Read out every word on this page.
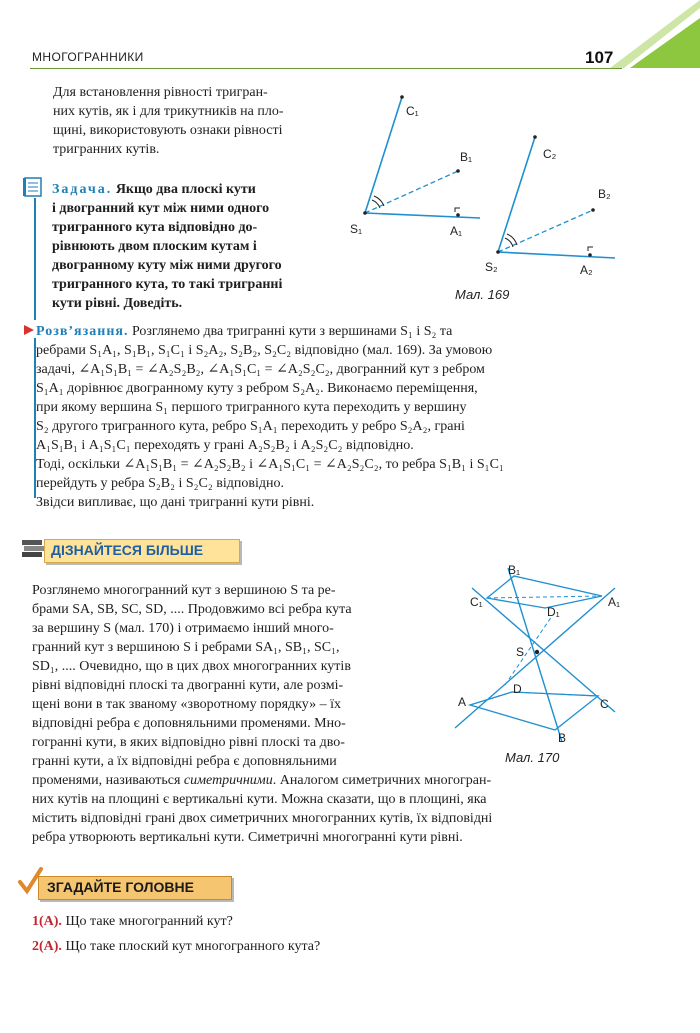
МНОГОГРАННИКИ	107
Для встановлення рівності тригран-
них кутів, як і для трикутників на пло-
щині, використовують ознаки рівності
тригранних кутів.
Задача. Якщо два плоскі кути
і двогранний кут між ними одного
тригранного кута відповідно до-
рівнюють двом плоским кутам і
двогранному куту між ними другого
тригранного кута, то такі тригранні
кути рівні. Доведіть.
C₁
B₁
S₁	A₁
C₂
B₂
S₂	A₂
Мал. 169
Розв’язання. Розглянемо два тригранні кути з вершинами S₁ і S₂ та
ребрами S₁A₁, S₁B₁, S₁C₁ і S₂A₂, S₂B₂, S₂C₂ відповідно (мал. 169). За умовою
задачі, ∠A₁S₁B₁ = ∠A₂S₂B₂, ∠A₁S₁C₁ = ∠A₂S₂C₂, двогранний кут з ребром
S₁A₁ дорівнює двогранному куту з ребром S₂A₂. Виконаємо переміщення,
при якому вершина S₁ першого тригранного кута переходить у вершину
S₂ другого тригранного кута, ребро S₁A₁ переходить у ребро S₂A₂, грані
A₁S₁B₁ і A₁S₁C₁ переходять у грані A₂S₂B₂ і A₂S₂C₂ відповідно.
Тоді, оскільки ∠A₁S₁B₁ = ∠A₂S₂B₂ і ∠A₁S₁C₁ = ∠A₂S₂C₂, то ребра S₁B₁ і S₁C₁
перейдуть у ребра S₂B₂ і S₂C₂ відповідно.
Звідси випливає, що дані тригранні кути рівні.
ДІЗНАЙТЕСЯ БІЛЬШЕ
Розглянемо многогранний кут з вершиною S та ре-
брами SA, SB, SC, SD, .... Продовжимо всі ребра кута
за вершину S (мал. 170) і отримаємо інший много-
гранний кут з вершиною S і ребрами SA₁, SB₁, SC₁,
SD₁, .... Очевидно, що в цих двох многогранних кутів
рівні відповідні плоскі та двогранні кути, але розмі-
щені вони в так званому «зворотному порядку» – їх
відповідні ребра є доповняльними променями. Мно-
гогранні кути, в яких відповідно рівні плоскі та дво-
гранні кути, а їх відповідні ребра є доповняльними
променями, називаються симетричними. Аналогом симетричних многогран-
них кутів на площині є вертикальні кути. Можна сказати, що в площині, яка
містить відповідні грані двох симетричних многогранних кутів, їх відповідні
ребра утворюють вертикальні кути. Симетричні многогранні кути рівні.
B₁
C₁
D₁
A₁
S
D
A	C
B
Мал. 170
ЗГАДАЙТЕ ГОЛОВНЕ
1(А). Що таке многогранний кут?
2(А). Що таке плоский кут многогранного кута?
